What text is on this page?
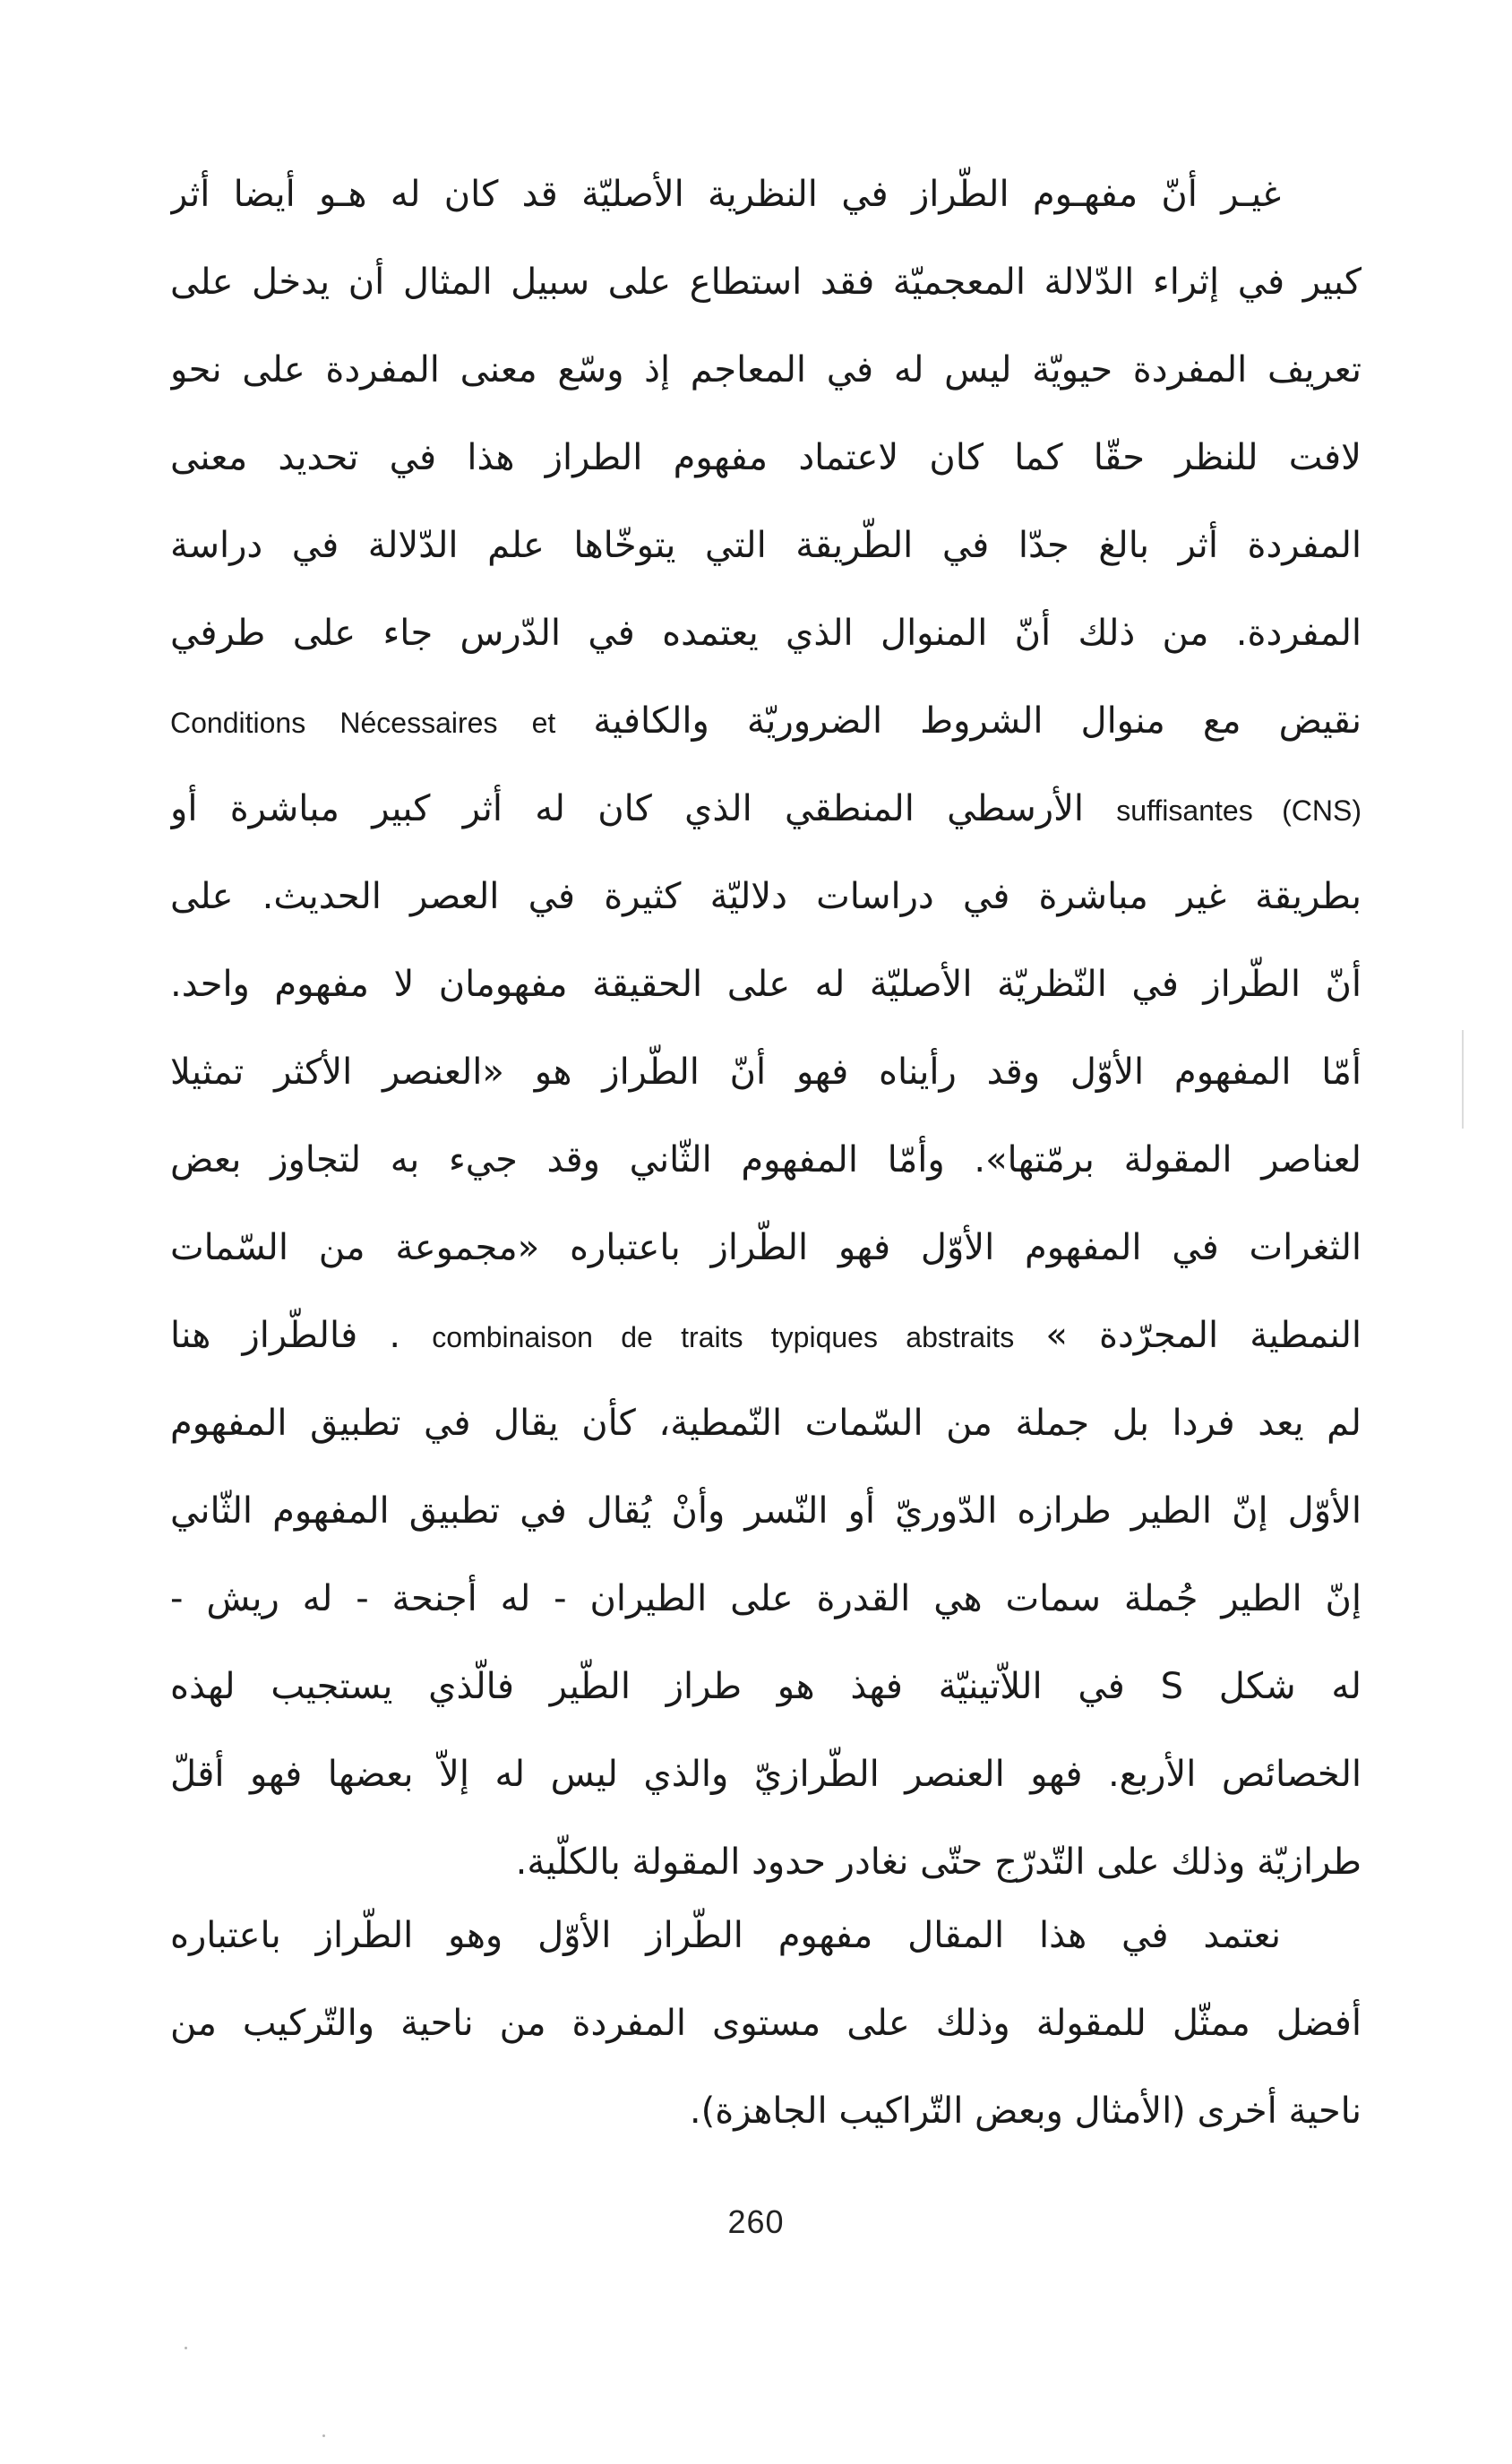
غيـر أنّ مفهـوم الطّراز في النظرية الأصليّة قد كان له هـو أيضا أثر
كبير في إثراء الدّلالة المعجميّة فقد استطاع على سبيل المثال أن يدخل على
تعريف المفردة حيويّة ليس له في المعاجم إذ وسّع معنى المفردة على نحو
لافت للنظر حقّا كما كان لاعتماد مفهوم الطراز هذا في تحديد معنى
المفردة أثر بالغ جدّا في الطّريقة التي يتوخّاها علم الدّلالة في دراسة
المفردة. من ذلك أنّ المنوال الذي يعتمده في الدّرس جاء على طرفي
نقيض مع منوال الشروط الضروريّة والكافية Conditions Nécessaires et
suffisantes (CNS) الأرسطي المنطقي الذي كان له أثر كبير مباشرة أو
بطريقة غير مباشرة في دراسات دلاليّة كثيرة في العصر الحديث. على
أنّ الطّراز في النّظريّة الأصليّة له على الحقيقة مفهومان لا مفهوم واحد.
أمّا المفهوم الأوّل وقد رأيناه فهو أنّ الطّراز هو «العنصر الأكثر تمثيلا
لعناصر المقولة برمّتها». وأمّا المفهوم الثّاني وقد جيء به لتجاوز بعض
الثغرات في المفهوم الأوّل فهو الطّراز باعتباره «مجموعة من السّمات
النمطية المجرّدة » combinaison de traits typiques abstraits . فالطّراز هنا
لم يعد فردا بل جملة من السّمات النّمطية، كأن يقال في تطبيق المفهوم
الأوّل إنّ الطير طرازه الدّوريّ أو النّسر وأنْ يُقال في تطبيق المفهوم الثّاني
إنّ الطير جُملة سمات هي القدرة على الطيران - له أجنحة - له ريش -
له شكل S في اللاّتينيّة فهذ هو طراز الطّير فالّذي يستجيب لهذه
الخصائص الأربع. فهو العنصر الطّرازيّ والذي ليس له إلاّ بعضها فهو أقلّ
طرازيّة وذلك على التّدرّج حتّى نغادر حدود المقولة بالكلّية.
نعتمد في هذا المقال مفهوم الطّراز الأوّل وهو الطّراز باعتباره
أفضل ممثّل للمقولة وذلك على مستوى المفردة من ناحية والتّركيب من
ناحية أخرى (الأمثال وبعض التّراكيب الجاهزة).
260
